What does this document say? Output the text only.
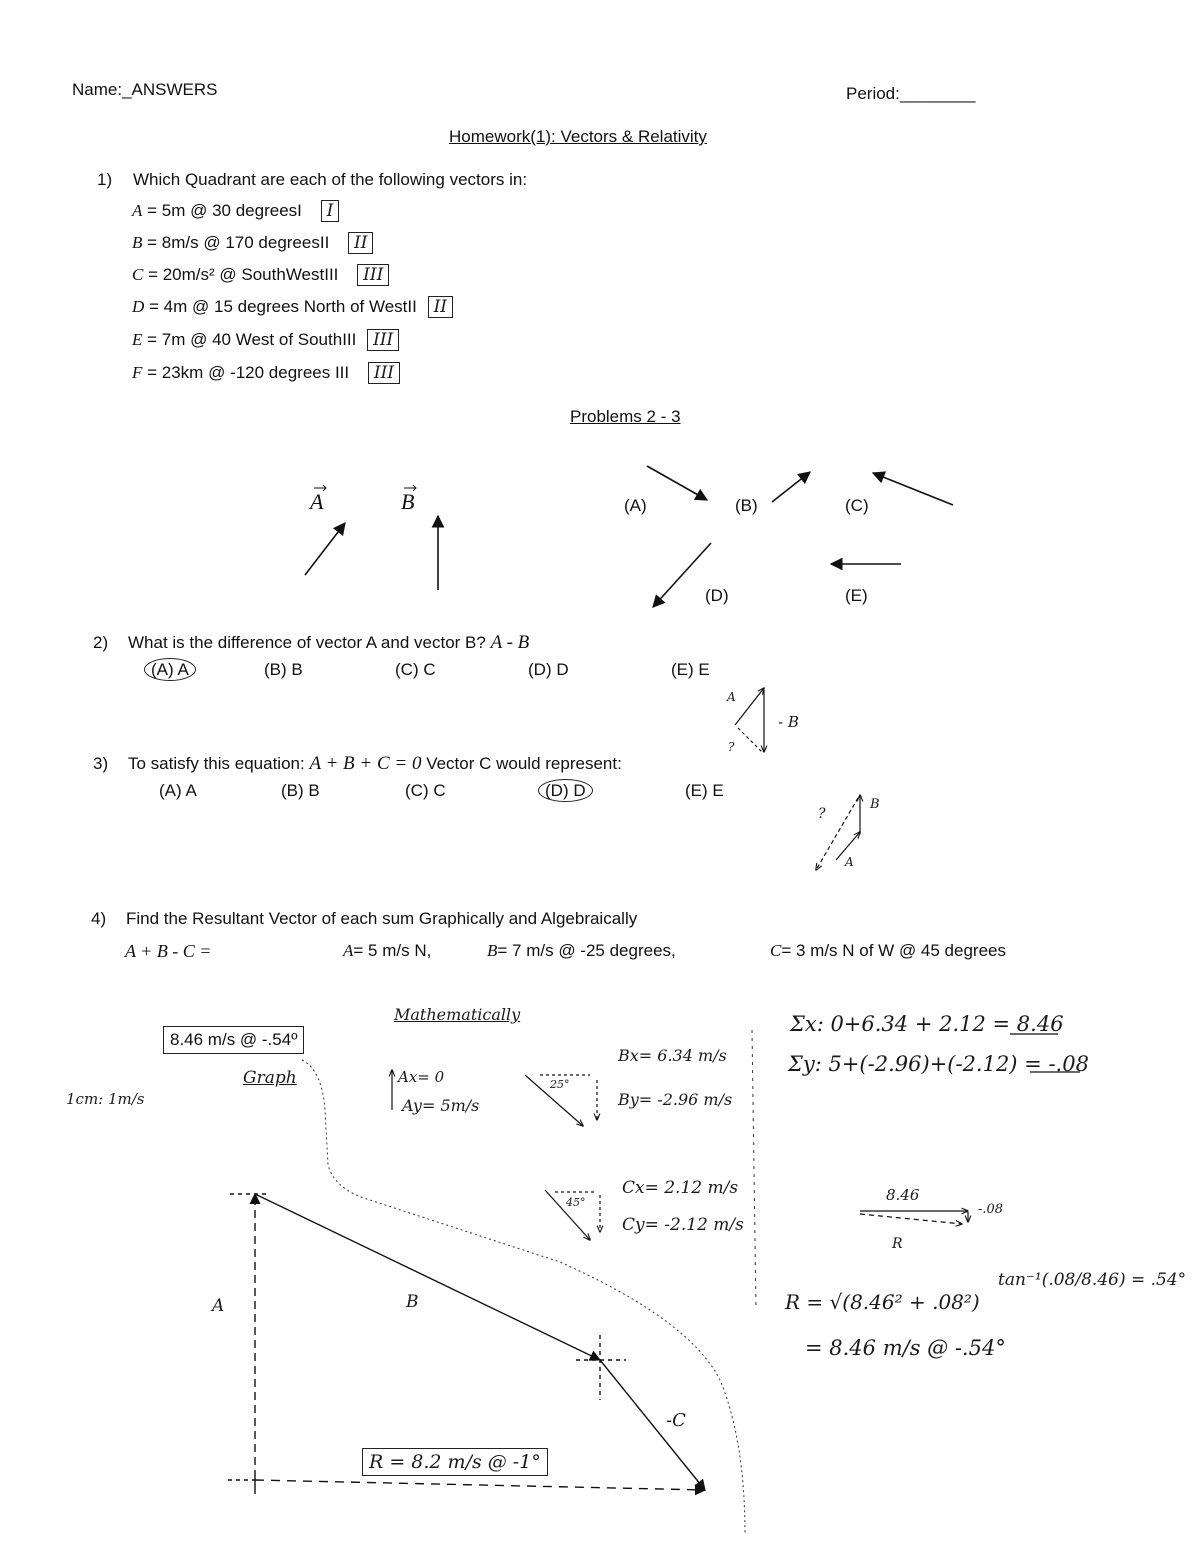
Name:_ANSWERS	Period:________
Homework(1): Vectors & Relativity
1) Which Quadrant are each of the following vectors in:
A = 5m @ 30 degreesI I
B = 8m/s @ 170 degreesII II
C = 20m/s² @ SouthWestIII III
D = 4m @ 15 degrees North of WestII II
E = 7m @ 40 West of SouthIII III
F = 23km @ -120 degrees III III
Problems 2 - 3
A	B	(A)	(B)	(C)
(D)	(E)
2) What is the difference of vector A and vector B? A - B
(A) A	(B) B	(C) C	(D) D	(E) E
A
- B
?
3) To satisfy this equation: A + B + C = 0 Vector C would represent:
(A) A	(B) B	(C) C	(D) D	(E) E
?
B
A
4) Find the Resultant Vector of each sum Graphically and Algebraically
A + B - C =	A= 5 m/s N,	B= 7 m/s @ -25 degrees,	C= 3 m/s N of W @ 45 degrees
8.46 m/s @ -.54º
Graph
1cm: 1m/s
Mathematically
Ax= 0
Ay= 5m/s
25°
Bx= 6.34 m/s
By= -2.96 m/s
45°
Cx= 2.12 m/s
Cy= -2.12 m/s
Σx: 0+6.34 + 2.12 = 8.46
Σy: 5+(-2.96)+(-2.12) = -.08
8.46
-.08
R
tan⁻¹(.08/8.46) = .54°
R = √(8.46² + .08²)
= 8.46 m/s @ -.54°
A	B
-C
R = 8.2 m/s @ -1°
